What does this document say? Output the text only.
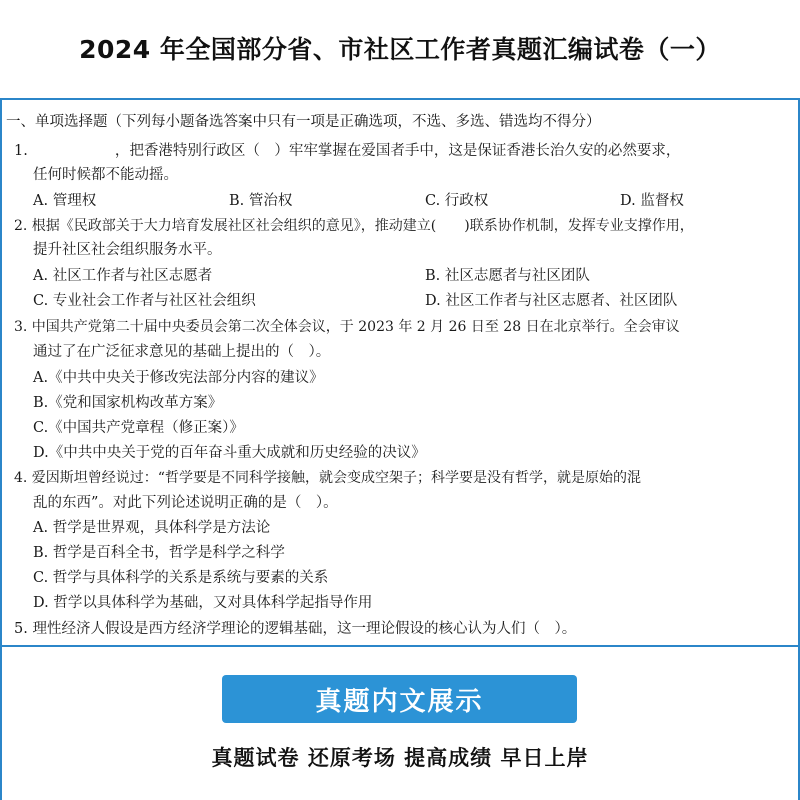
2024 年全国部分省、市社区工作者真题汇编试卷（一）
一、单项选择题（下列每小题备选答案中只有一项是正确选项，不选、多选、错选均不得分）
1.　　　　　　，把香港特别行政区（　）牢牢掌握在爱国者手中，这是保证香港长治久安的必然要求，
任何时候都不能动摇。
A. 管理权	B. 管治权	C. 行政权	D. 监督权
2. 根据《民政部关于大力培育发展社区社会组织的意见》，推动建立(　　)联系协作机制，发挥专业支撑作用，
提升社区社会组织服务水平。
A. 社区工作者与社区志愿者	B. 社区志愿者与社区团队
C. 专业社会工作者与社区社会组织	D. 社区工作者与社区志愿者、社区团队
3. 中国共产党第二十届中央委员会第二次全体会议，于 2023 年 2 月 26 日至 28 日在北京举行。全会审议
通过了在广泛征求意见的基础上提出的（　）。
A.《中共中央关于修改宪法部分内容的建议》
B.《党和国家机构改革方案》
C.《中国共产党章程（修正案）》
D.《中共中央关于党的百年奋斗重大成就和历史经验的决议》
4. 爱因斯坦曾经说过：“哲学要是不同科学接触，就会变成空架子；科学要是没有哲学，就是原始的混
乱的东西”。对此下列论述说明正确的是（　）。
A. 哲学是世界观，具体科学是方法论
B. 哲学是百科全书，哲学是科学之科学
C. 哲学与具体科学的关系是系统与要素的关系
D. 哲学以具体科学为基础，又对具体科学起指导作用
5. 理性经济人假设是西方经济学理论的逻辑基础，这一理论假设的核心认为人们（　）。
真题内文展示
真题试卷 还原考场 提高成绩 早日上岸
